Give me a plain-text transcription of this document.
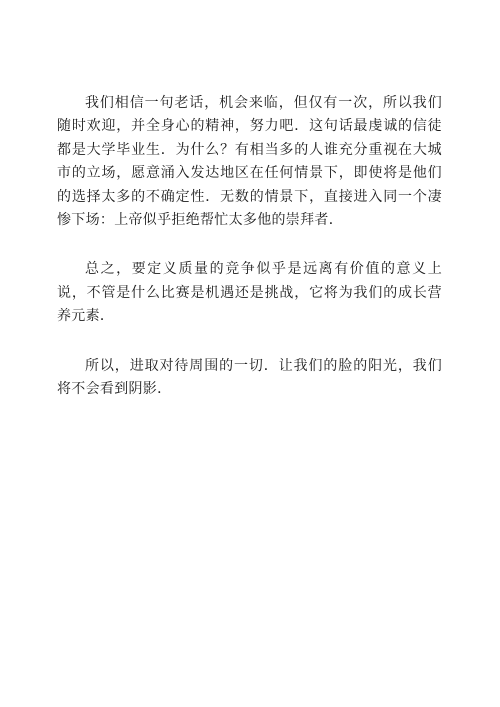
我们相信一句老话，机会来临，但仅有一次，所以我们随时欢迎，并全身心的精神，努力吧．这句话最虔诚的信徒都是大学毕业生．为什么？有相当多的人谁充分重视在大城市的立场，愿意涌入发达地区在任何情景下，即使将是他们的选择太多的不确定性．无数的情景下，直接进入同一个凄惨下场：上帝似乎拒绝帮忙太多他的崇拜者．

总之，要定义质量的竞争似乎是远离有价值的意义上说，不管是什么比赛是机遇还是挑战，它将为我们的成长营养元素．

所以，进取对待周围的一切．让我们的脸的阳光，我们将不会看到阴影．
